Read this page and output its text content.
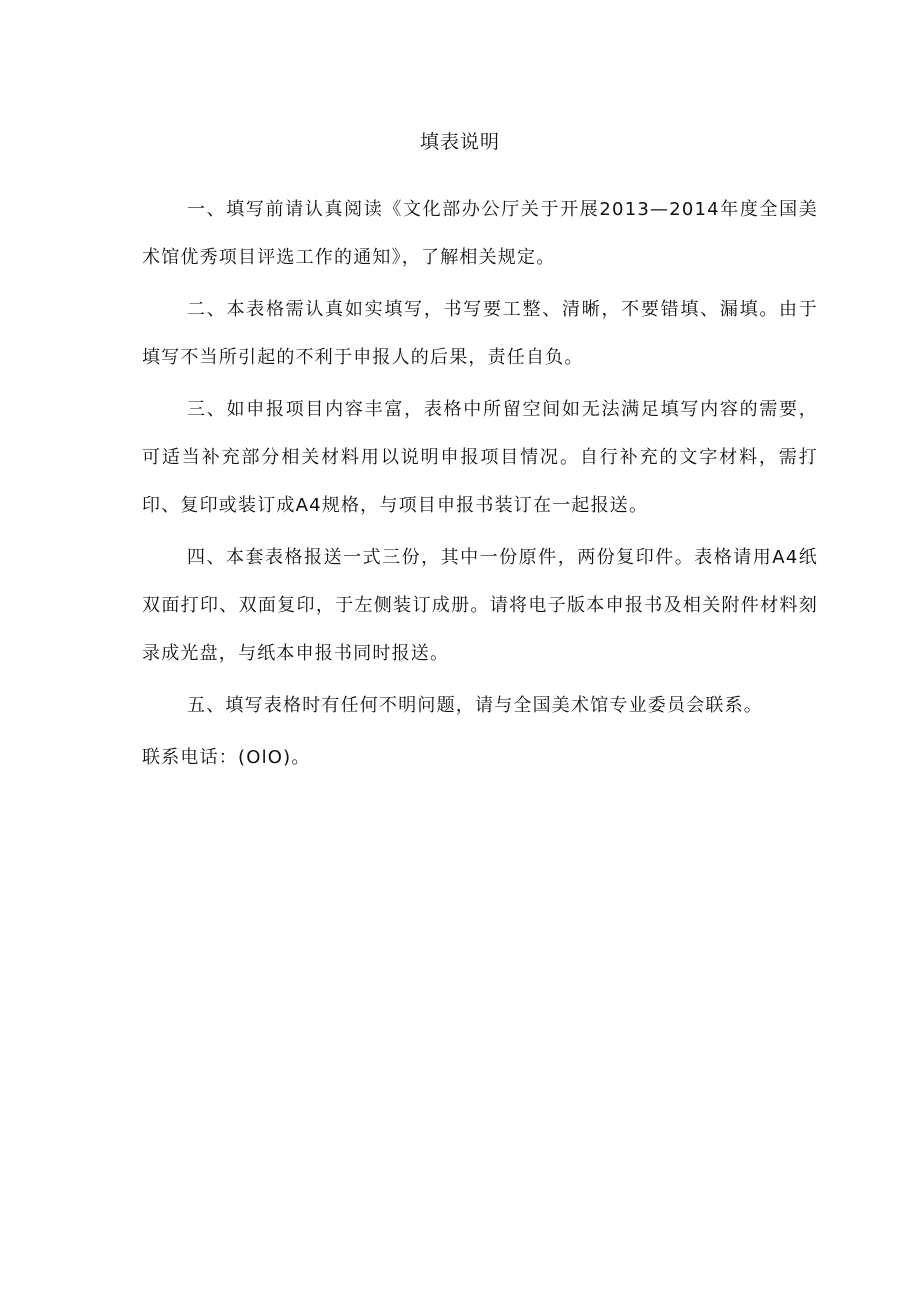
填表说明

一、填写前请认真阅读《文化部办公厅关于开展2013—2014年度全国美术馆优秀项目评选工作的通知》，了解相关规定。

二、本表格需认真如实填写，书写要工整、清晰，不要错填、漏填。由于填写不当所引起的不利于申报人的后果，责任自负。

三、如申报项目内容丰富，表格中所留空间如无法满足填写内容的需要，可适当补充部分相关材料用以说明申报项目情况。自行补充的文字材料，需打印、复印或装订成A4规格，与项目申报书装订在一起报送。

四、本套表格报送一式三份，其中一份原件，两份复印件。表格请用A4纸双面打印、双面复印，于左侧装订成册。请将电子版本申报书及相关附件材料刻录成光盘，与纸本申报书同时报送。

五、填写表格时有任何不明问题，请与全国美术馆专业委员会联系。

联系电话：(OlO)。
